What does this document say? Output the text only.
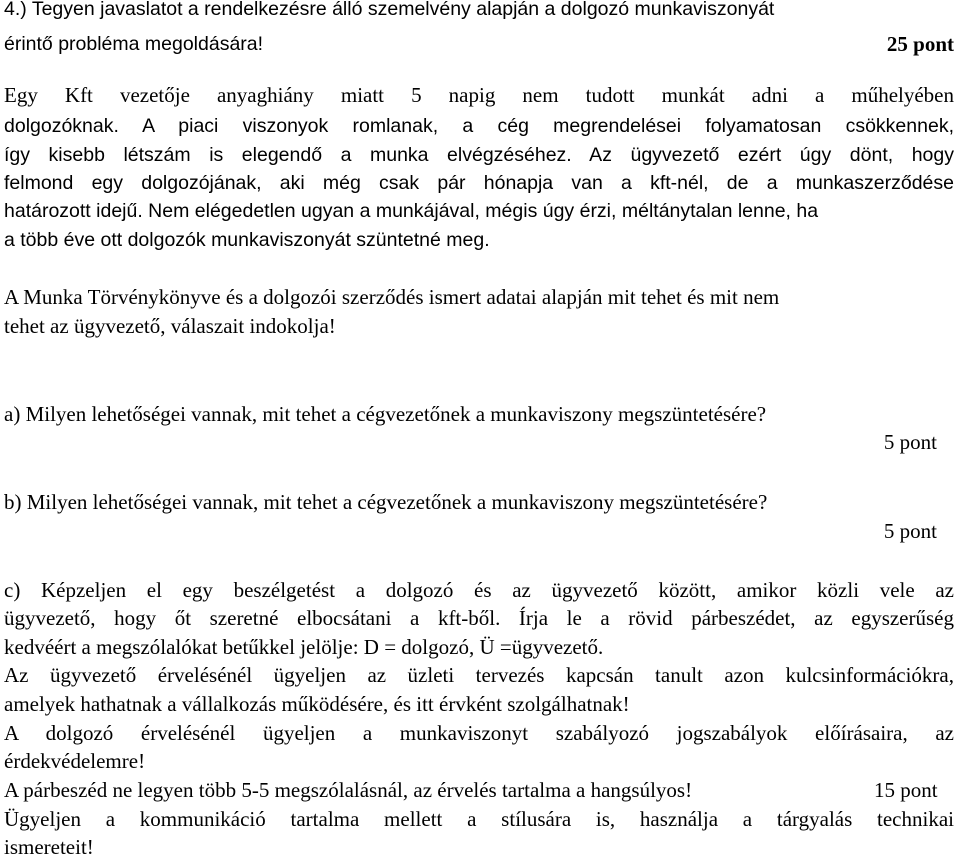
4.) Tegyen javaslatot a rendelkezésre álló szemelvény alapján a dolgozó munkaviszonyát
érintő probléma megoldására!	25 pont
Egy Kft vezetője anyaghiány miatt 5 napig nem tudott munkát adni a műhelyében
dolgozóknak. A piaci viszonyok romlanak, a cég megrendelései folyamatosan csökkennek,
így kisebb létszám is elegendő a munka elvégzéséhez. Az ügyvezető ezért úgy dönt, hogy
felmond egy dolgozójának, aki még csak pár hónapja van a kft-nél, de a munkaszerződése
határozott idejű. Nem elégedetlen ugyan a munkájával, mégis úgy érzi, méltánytalan lenne, ha
a több éve ott dolgozók munkaviszonyát szüntetné meg.
A Munka Törvénykönyve és a dolgozói szerződés ismert adatai alapján mit tehet és mit nem
tehet az ügyvezető, válaszait indokolja!
a) Milyen lehetőségei vannak, mit tehet a cégvezetőnek a munkaviszony megszüntetésére?
5 pont
b) Milyen lehetőségei vannak, mit tehet a cégvezetőnek a munkaviszony megszüntetésére?
5 pont
c) Képzeljen el egy beszélgetést a dolgozó és az ügyvezető között, amikor közli vele az
ügyvezető, hogy őt szeretné elbocsátani a kft-ből. Írja le a rövid párbeszédet, az egyszerűség
kedvéért a megszólalókat betűkkel jelölje: D = dolgozó, Ü =ügyvezető.
Az ügyvezető érvelésénél ügyeljen az üzleti tervezés kapcsán tanult azon kulcsinformációkra,
amelyek hathatnak a vállalkozás működésére, és itt érvként szolgálhatnak!
A dolgozó érvelésénél ügyeljen a munkaviszonyt szabályozó jogszabályok előírásaira, az
érdekvédelemre!
A párbeszéd ne legyen több 5-5 megszólalásnál, az érvelés tartalma a hangsúlyos!	15 pont
Ügyeljen a kommunikáció tartalma mellett a stílusára is, használja a tárgyalás technikai
ismereteit!
